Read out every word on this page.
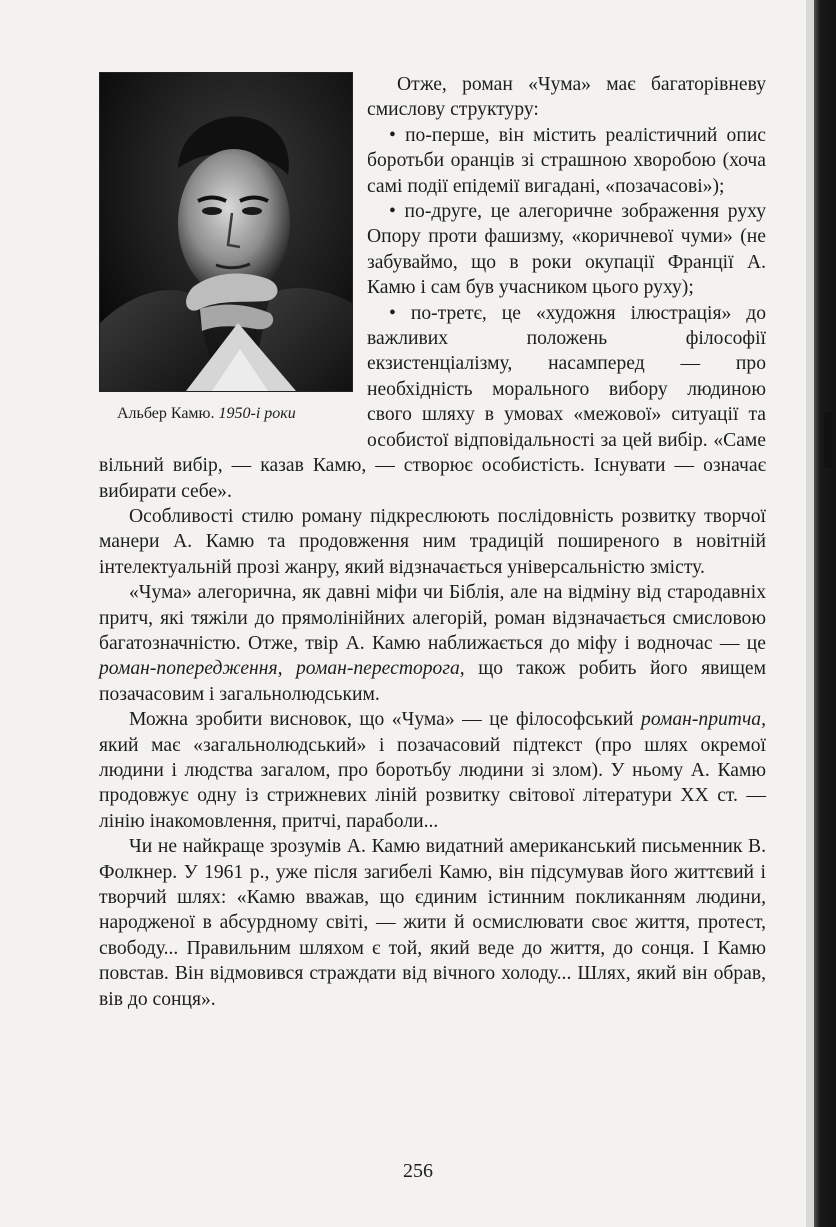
Альбер Камю. 1950-і роки

Отже, роман «Чума» має багаторівневу смислову структуру:

• по-перше, він містить реалістичний опис боротьби оранців зі страшною хворобою (хоча самі події епідемії вигадані, «позачасові»);

• по-друге, це алегоричне зображення руху Опору проти фашизму, «коричневої чуми» (не забуваймо, що в роки окупації Франції А. Камю і сам був учасником цього руху);

• по-третє, це «художня ілюстрація» до важливих положень філософії екзистенціалізму, насамперед — про необхідність морального вибору людиною свого шляху в умовах «межової» ситуації та особистої відповідальності за цей вибір. «Саме вільний вибір, — казав Камю, — створює особистість. Існувати — означає вибирати себе».

Особливості стилю роману підкреслюють послідовність розвитку творчої манери А. Камю та продовження ним традицій поширеного в новітній інтелектуальній прозі жанру, який відзначається універсальністю змісту.

«Чума» алегорична, як давні міфи чи Біблія, але на відміну від стародавніх притч, які тяжіли до прямолінійних алегорій, роман відзначається смисловою багатозначністю. Отже, твір А. Камю наближається до міфу і водночас — це роман-попередження, роман-пересторога, що також робить його явищем позачасовим і загальнолюдським.

Можна зробити висновок, що «Чума» — це філософський роман-притча, який має «загальнолюдський» і позачасовий підтекст (про шлях окремої людини і людства загалом, про боротьбу людини зі злом). У ньому А. Камю продовжує одну із стрижневих ліній розвитку світової літератури XX ст. — лінію інакомовлення, притчі, параболи...

Чи не найкраще зрозумів А. Камю видатний американський письменник В. Фолкнер. У 1961 р., уже після загибелі Камю, він підсумував його життєвий і творчий шлях: «Камю вважав, що єдиним істинним покликанням людини, народженої в абсурдному світі, — жити й осмислювати своє життя, протест, свободу... Правильним шляхом є той, який веде до життя, до сонця. І Камю повстав. Він відмовився страждати від вічного холоду... Шлях, який він обрав, вів до сонця».

256
